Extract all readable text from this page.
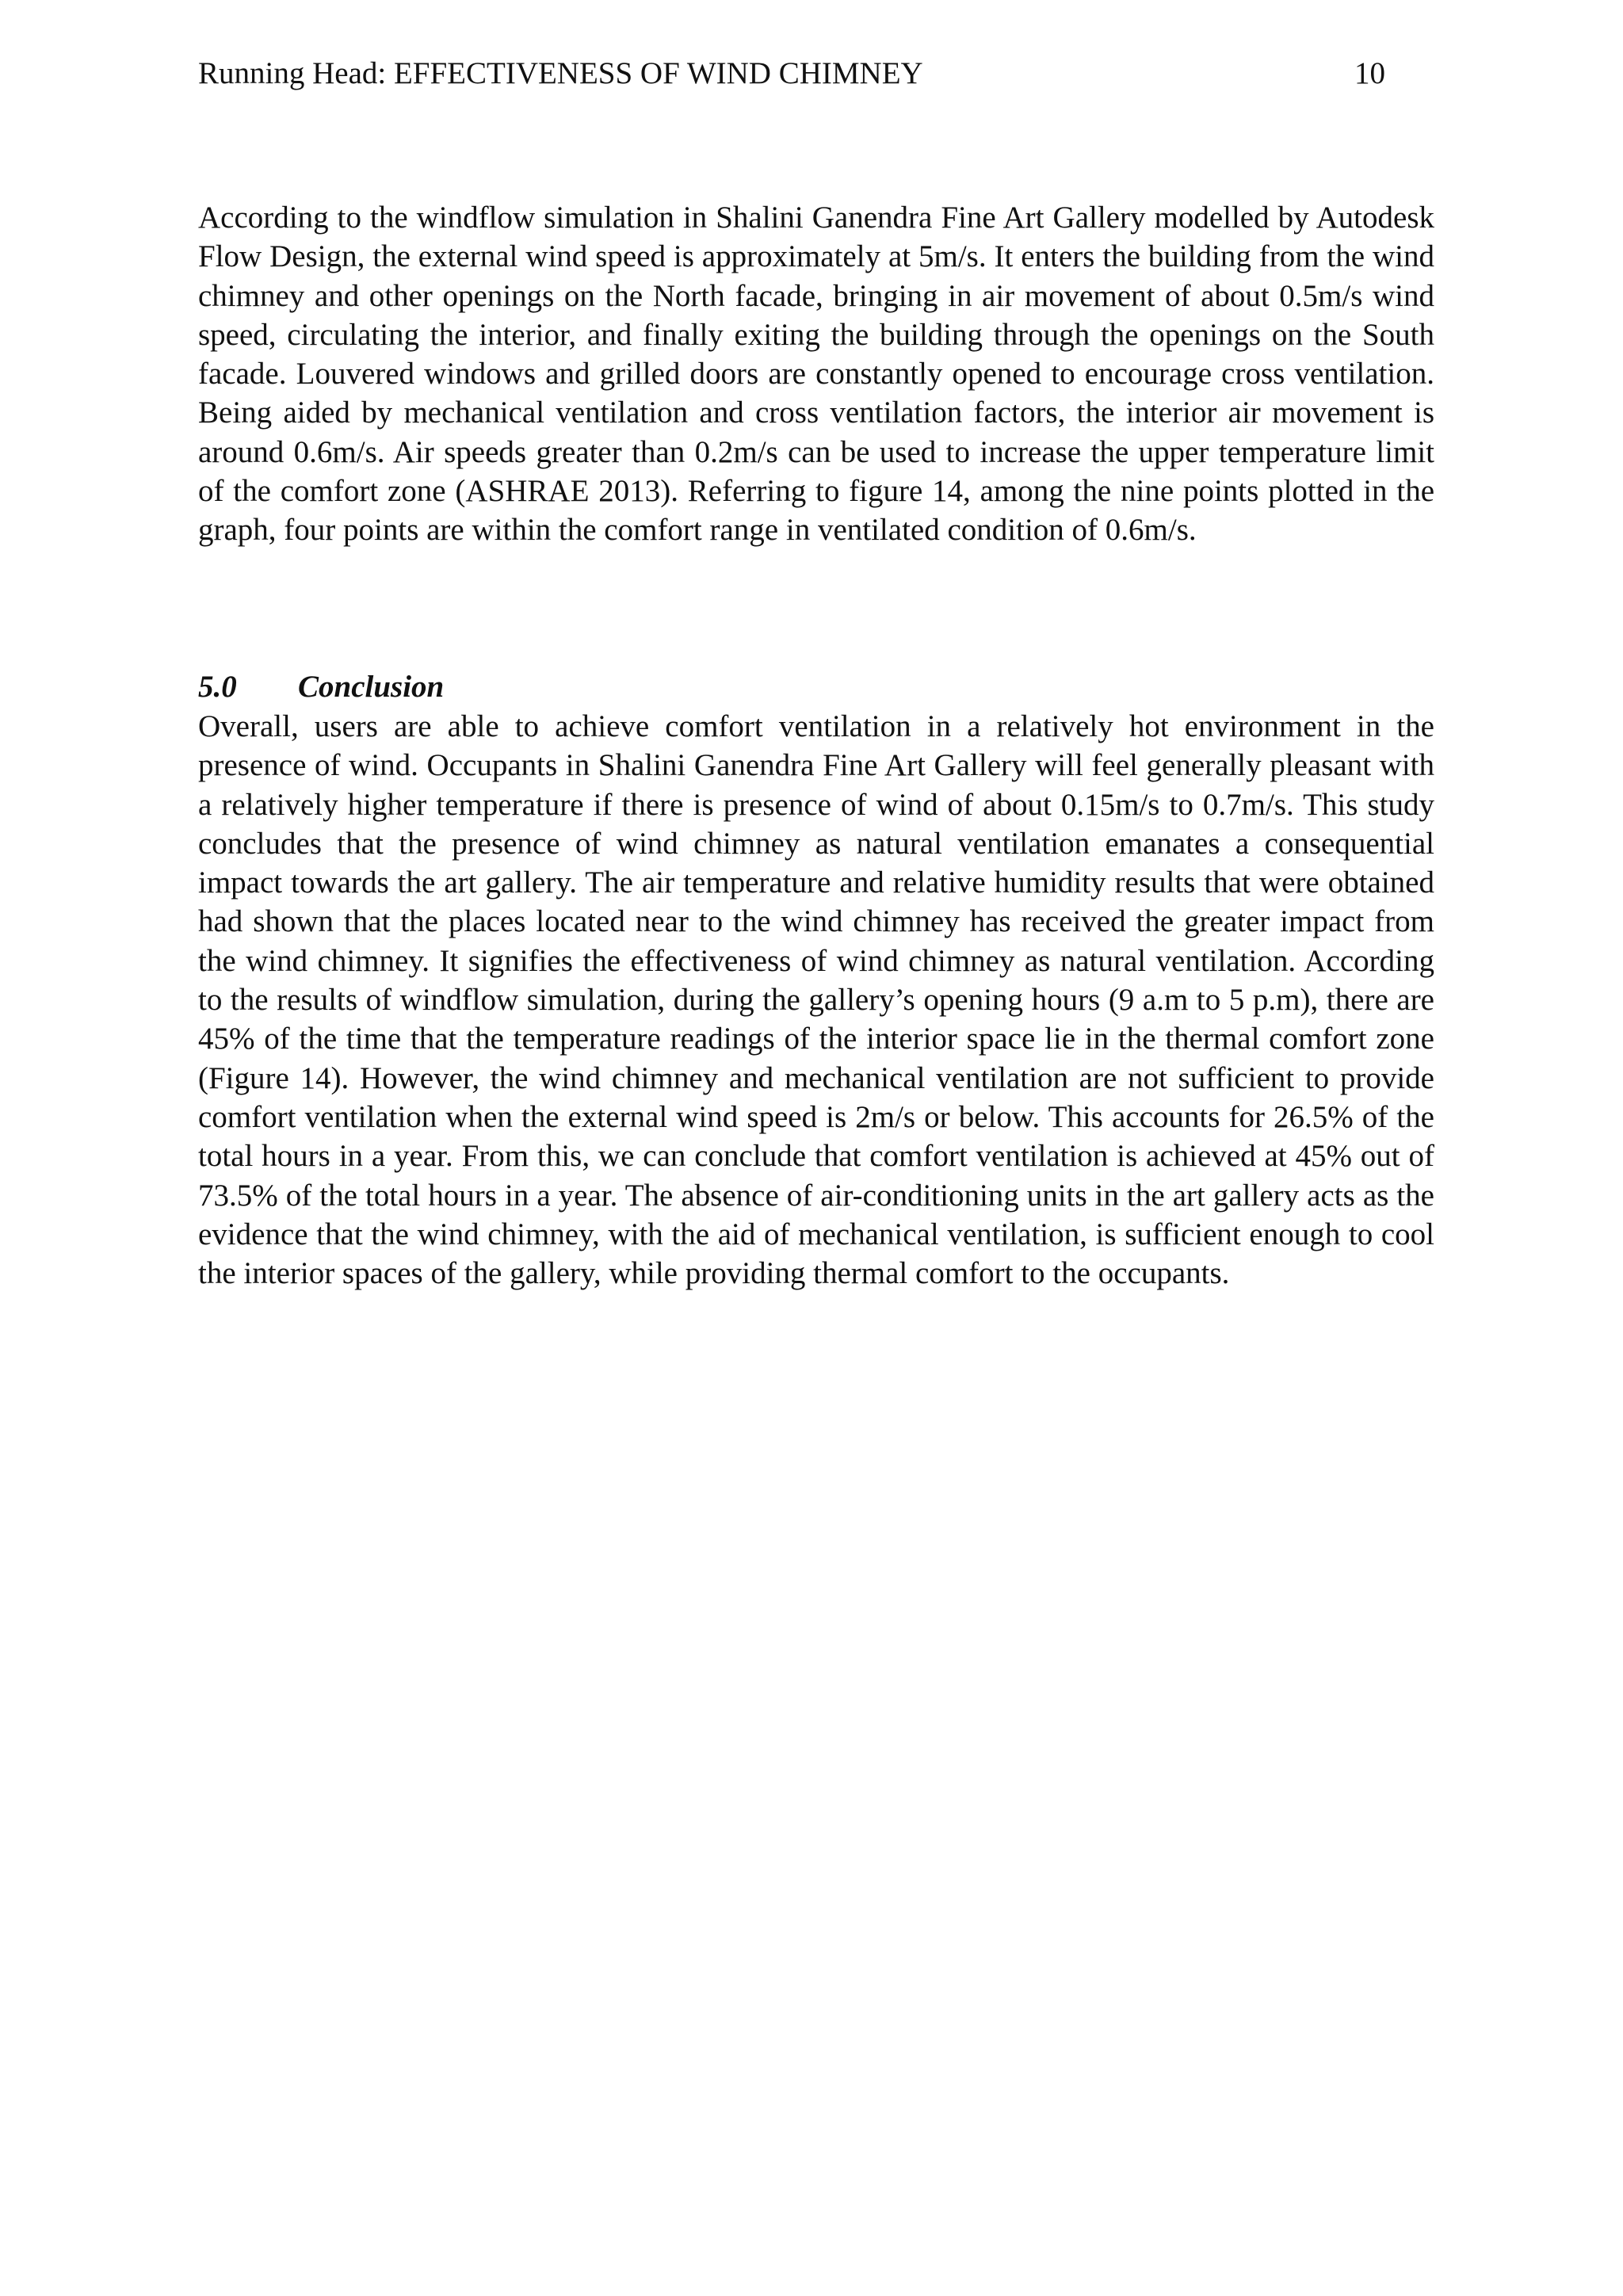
Running Head: EFFECTIVENESS OF WIND CHIMNEY	10

According to the windflow simulation in Shalini Ganendra Fine Art Gallery modelled by Autodesk Flow Design, the external wind speed is approximately at 5m/s. It enters the building from the wind chimney and other openings on the North facade, bringing in air movement of about 0.5m/s wind speed, circulating the interior, and finally exiting the building through the openings on the South facade. Louvered windows and grilled doors are constantly opened to encourage cross ventilation. Being aided by mechanical ventilation and cross ventilation factors, the interior air movement is around 0.6m/s. Air speeds greater than 0.2m/s can be used to increase the upper temperature limit of the comfort zone (ASHRAE 2013). Referring to figure 14, among the nine points plotted in the graph, four points are within the comfort range in ventilated condition of 0.6m/s.

5.0 Conclusion

Overall, users are able to achieve comfort ventilation in a relatively hot environment in the presence of wind. Occupants in Shalini Ganendra Fine Art Gallery will feel generally pleasant with a relatively higher temperature if there is presence of wind of about 0.15m/s to 0.7m/s. This study concludes that the presence of wind chimney as natural ventilation emanates a consequential impact towards the art gallery. The air temperature and relative humidity results that were obtained had shown that the places located near to the wind chimney has received the greater impact from the wind chimney. It signifies the effectiveness of wind chimney as natural ventilation. According to the results of windflow simulation, during the gallery’s opening hours (9 a.m to 5 p.m), there are 45% of the time that the temperature readings of the interior space lie in the thermal comfort zone (Figure 14). However, the wind chimney and mechanical ventilation are not sufficient to provide comfort ventilation when the external wind speed is 2m/s or below. This accounts for 26.5% of the total hours in a year. From this, we can conclude that comfort ventilation is achieved at 45% out of 73.5% of the total hours in a year. The absence of air-conditioning units in the art gallery acts as the evidence that the wind chimney, with the aid of mechanical ventilation, is sufficient enough to cool the interior spaces of the gallery, while providing thermal comfort to the occupants.
